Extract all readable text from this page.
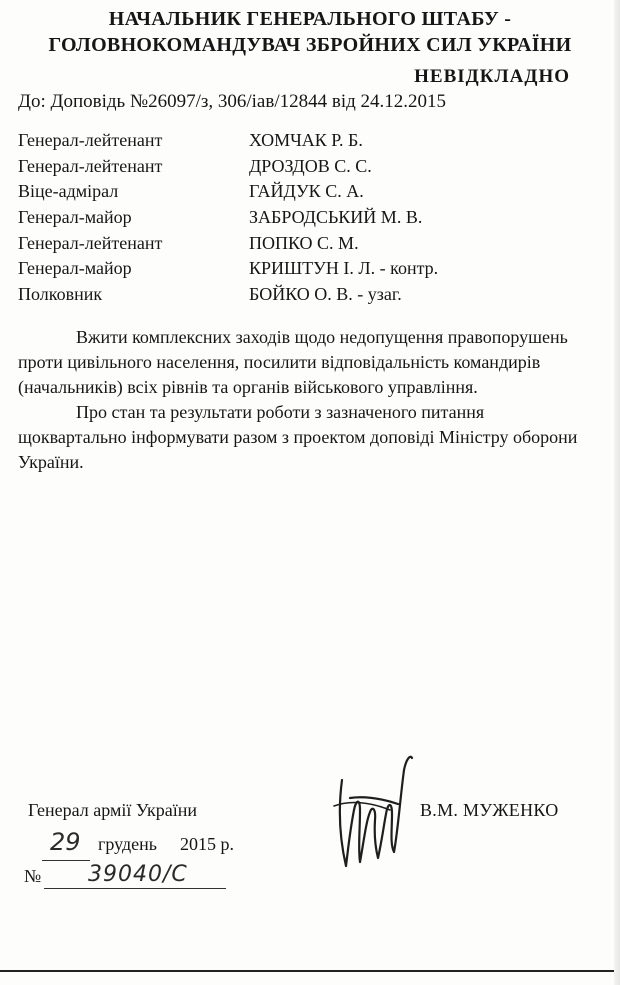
НАЧАЛЬНИК ГЕНЕРАЛЬНОГО ШТАБУ -
ГОЛОВНОКОМАНДУВАЧ ЗБРОЙНИХ СИЛ УКРАЇНИ
НЕВІДКЛАДНО
До: Доповідь №26097/з, 306/іав/12844 від 24.12.2015
Генерал-лейтенант	ХОМЧАК Р. Б.
Генерал-лейтенант	ДРОЗДОВ С. С.
Віце-адмірал	ГАЙДУК С. А.
Генерал-майор	ЗАБРОДСЬКИЙ М. В.
Генерал-лейтенант	ПОПКО С. М.
Генерал-майор	КРИШТУН І. Л. - контр.
Полковник	БОЙКО О. В. - узаг.

Вжити комплексних заходів щодо недопущення правопорушень проти цивільного населення, посилити відповідальність командирів (начальників) всіх рівнів та органів військового управління.

Про стан та результати роботи з зазначеного питання щоквартально інформувати разом з проектом доповіді Міністру оборони України.

Генерал армії України	В.М. МУЖЕНКО
29 грудень 2015 р.
№ 39040/С
